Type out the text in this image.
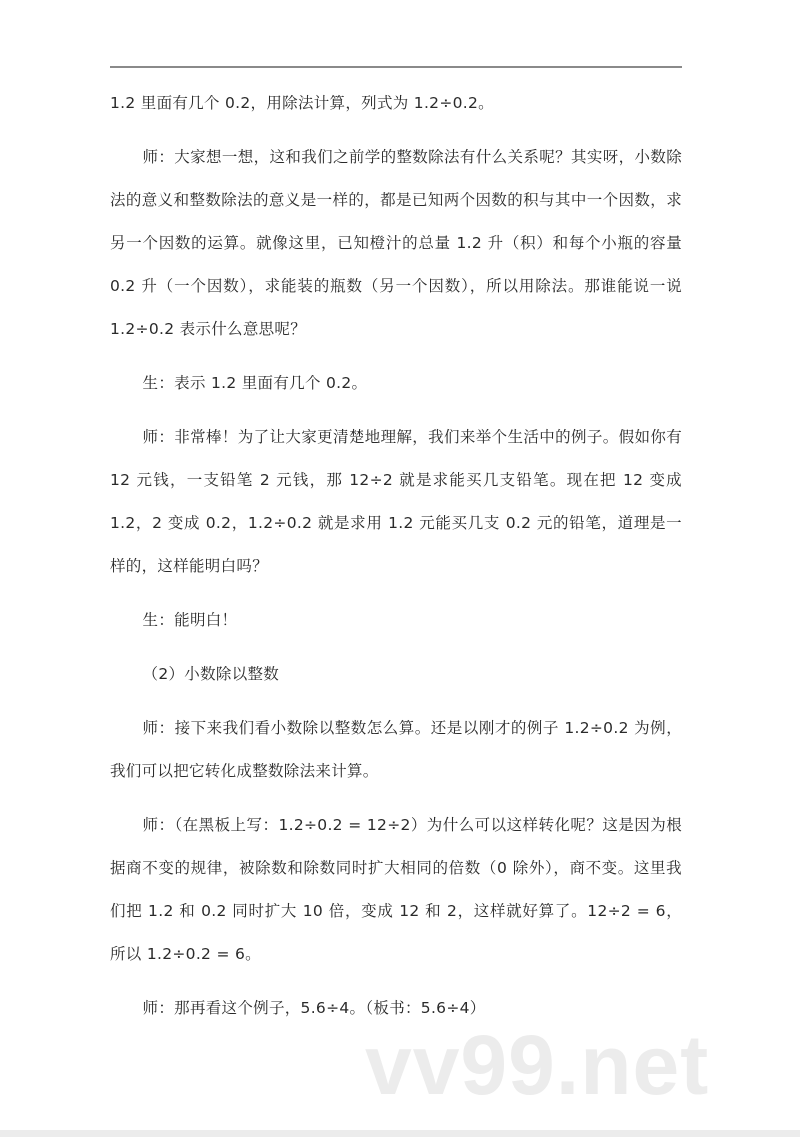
1.2 里面有几个 0.2，用除法计算，列式为 1.2÷0.2。

师：大家想一想，这和我们之前学的整数除法有什么关系呢？其实呀，小数除法的意义和整数除法的意义是一样的，都是已知两个因数的积与其中一个因数，求另一个因数的运算。就像这里，已知橙汁的总量 1.2 升（积）和每个小瓶的容量 0.2 升（一个因数），求能装的瓶数（另一个因数），所以用除法。那谁能说一说 1.2÷0.2 表示什么意思呢？

生：表示 1.2 里面有几个 0.2。

师：非常棒！为了让大家更清楚地理解，我们来举个生活中的例子。假如你有 12 元钱，一支铅笔 2 元钱，那 12÷2 就是求能买几支铅笔。现在把 12 变成 1.2，2 变成 0.2，1.2÷0.2 就是求用 1.2 元能买几支 0.2 元的铅笔，道理是一样的，这样能明白吗？

生：能明白！

（2）小数除以整数

师：接下来我们看小数除以整数怎么算。还是以刚才的例子 1.2÷0.2 为例，我们可以把它转化成整数除法来计算。

师：（在黑板上写：1.2÷0.2 = 12÷2）为什么可以这样转化呢？这是因为根据商不变的规律，被除数和除数同时扩大相同的倍数（0 除外），商不变。这里我们把 1.2 和 0.2 同时扩大 10 倍，变成 12 和 2，这样就好算了。12÷2 = 6，所以 1.2÷0.2 = 6。

师：那再看这个例子，5.6÷4。（板书：5.6÷4）

vv99.net
